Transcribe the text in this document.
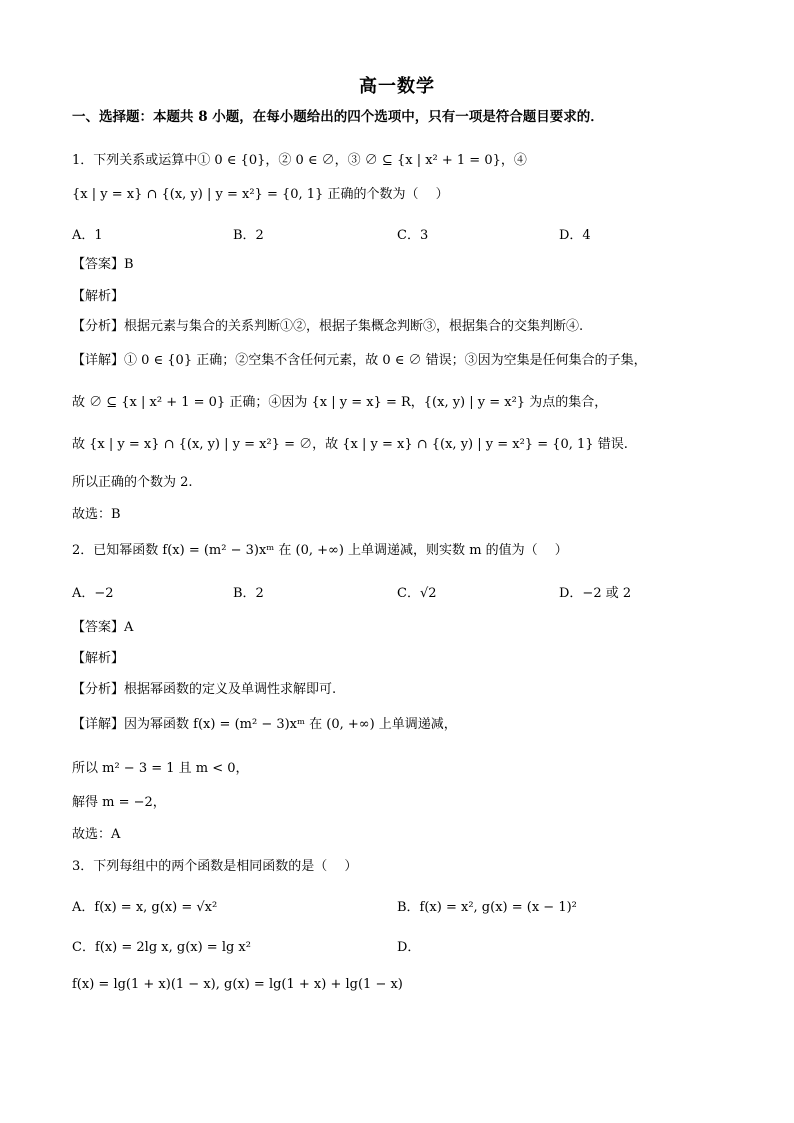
高一数学
一、选择题：本题共 8 小题，在每小题给出的四个选项中，只有一项是符合题目要求的．
1．下列关系或运算中① 0 ∈ {0}，② 0 ∈ ∅，③ ∅ ⊆ {x | x² + 1 = 0}，④
{x | y = x} ∩ {(x, y) | y = x²} = {0, 1} 正确的个数为（　 ）
A．1	B．2	C．3	D．4
【答案】B
【解析】
【分析】根据元素与集合的关系判断①②，根据子集概念判断③，根据集合的交集判断④.
【详解】① 0 ∈ {0} 正确；②空集不含任何元素，故 0 ∈ ∅ 错误；③因为空集是任何集合的子集，
故 ∅ ⊆ {x | x² + 1 = 0} 正确；④因为 {x | y = x} = R，{(x, y) | y = x²} 为点的集合，
故 {x | y = x} ∩ {(x, y) | y = x²} = ∅，故 {x | y = x} ∩ {(x, y) | y = x²} = {0, 1} 错误.
所以正确的个数为 2.
故选：B
2．已知幂函数 f(x) = (m² − 3)xᵐ 在 (0, +∞) 上单调递减，则实数 m 的值为（　 ）
A．−2	B．2	C．√2	D．−2 或 2
【答案】A
【解析】
【分析】根据幂函数的定义及单调性求解即可.
【详解】因为幂函数 f(x) = (m² − 3)xᵐ 在 (0, +∞) 上单调递减，
所以 m² − 3 = 1 且 m < 0，
解得 m = −2，
故选：A
3．下列每组中的两个函数是相同函数的是（　 ）
A．f(x) = x, g(x) = √x²	B．f(x) = x², g(x) = (x − 1)²
C．f(x) = 2lg x, g(x) = lg x²	D．
f(x) = lg(1 + x)(1 − x), g(x) = lg(1 + x) + lg(1 − x)
